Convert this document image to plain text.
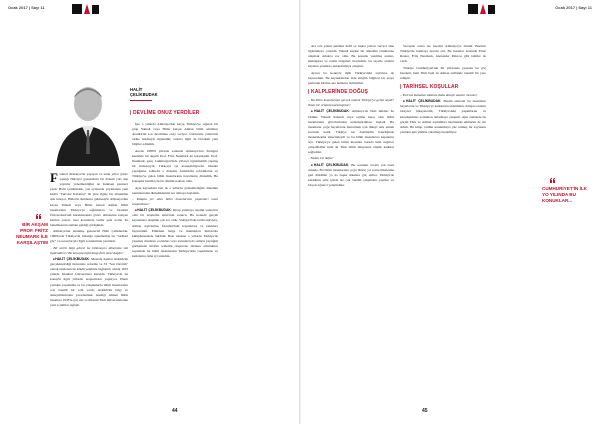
Ocak 2017 | Sayı 11
HALİT
ÇELİKBUDAK

Federal Almanya'da yaşayan ve uzun yıllar görev yaptığı Hürriyet gazetesinin bir dönem yurt dışı yayınlar yönetmenliğini de üstlenen gazeteci yazar Halit Çelikbudak, yaz aylarında yayınlanan yeni kitabı "Yurt'suz Kalanlar" ile yine ilginç bir dönemine ışık tutuyor. Hitler'in iktidarını gelmesiyle Almanya'dan kaçan Yahudi veya Hitler karşıtı Alman bilim insanlarının Türkiye'ye sığınmaları ve İstanbul Üniversitesi'nin kurulmasında görev almalarını işleyen kitabın yazarı, bazı konularda tarihe yeni notlar ile bakılmasının zamanı geldiği görüşünde.

Almanya'nın tanınmış gazetecisi Halit Çelikbudak, 1980'lerde Türkiye'de bakılığa işlenmemiş bu "tarihsel göç" ve sonuçlarıyla ilgili sorularımızı yanıtladı.

– Bir tarihi bilgi görevi bu bilinmeyen dönemine sizi ilgilendiren? Bu konuyla ilgili kitap fikri nasıl doğdu?

■ HALİT ÇELİKBUDAK: Mustafa Kemal Atatürk'ün gerçekleştirdiği üniversite reformu ve 33 "Son Devrim" olarak nitelenen bu köklü yenilikle bağlantılı olarak 1933 yılında İstanbul Üniversitesi kuruldu. Türkiye'de bu konuyla ilgili yıllardır araştırmalar yapılıyor. Planlı yeniden yapılanma ve bu çalışmalarda bilim insanlarının çok önemli bir rolü vardı; Atatürk'ün bilgi ve deneyimlerinden yararlanmak istediği Alman bilim insanları 1933'te göç etti ve ülkenin Türk üniversitelerine yeni açılımlar sağladı.

| DEVLİME ONUZ YERDİLER

İşte o yıllarda Almanya'dan kaçıp Türkiye'ye sığınan bir grup Yahudi veya Hitler karşıtı Alman bilim adamları Atatürk'ün son devrimine onay veriyor. Üniversite yıllarında tarihe bakmayla ilgilendik; onlarla ilgili de birtakım yeni bilgiler edindim.

Ancak 1980'li yıllarda sonunda Almanya'dan Stuttgart kentinde bir akşam Prof. Fritz Neumark ile karşılaştım. Prof. Neumark, genç Cumhuriyet'inde yıllarca öğretmenlik yapmış bir iktisatçıydı; Türkçeyi iyi konuşabiliyordu. Onunla yaptığımız sohbette o dönemi, Atatürk'ün reformlarını ve Türkiye'ye gelen bilim insanlarının hayatlarını dinledim. Bu konuşma benim için bir dönüm noktası oldu.

Aynı kaynaktan ben de o yıllarda gözlemlediğim dönemin tanıklarından dinlediklerimi not almaya başladım.

– Kitapta yer alan bilim insanlarının yaşamları nasıl araştırdınız?

■ HALİT ÇELİKBUDAK: Kitap yazmaya önemli sonuçları olan bir araştırma sürecinin sonucu. Bu konuda gerçek kaynaklara ulaşmak çok zor oldu. Stuttgart'taki tarihi arşivlere, Alman arşivlerine, İstanbul'daki kaynaklara ve tanıklara başvurdum. Elimdeki belge ve mektupları üniversite kütüphanesinde buldum. Bazı tanıklar o yıllarda Türkiye'de yaşamış olanların çocukları veya torunlarıydı; onlarla yaptığım görüşmeler kitabın temelini oluşturdu. Onların anlattıkları sayesinde bu bilim insanlarının Türkiye'deki yaşamlarını ve katkılarını daha iyi anladım.

BİR AKŞAM PROF. FRİTZ NEUMARK İLE KARŞILAŞTIM
44
Ocak 2017 | Sayı 11

Ara sıra yazım şekilleri hafif ve başka yolları veriyor ama ilgilenmeye çalıştım. Yahudi kaçkın bir dönemin tanıklarına ulaşmak oldukça zor oldu. Bu konuda yazılmış anıları, mektupları ve resmi belgeleri inceledim; bu sayede onların hayatını yeniden canlandırmaya çalıştım.

Ayrıca bu konuyla ilgili Türkiye'deki arşivlere de başvurdum. Bu kaynaklardan elde ettiğim bilgileri bir araya getirerek kitabın ana hatlarını belirledim.

| KALPLERİNDE DOĞUŞ

– Bu bilim insanlarının gerçek nedeni Türkiye'ye gelişi neydi? Nasıl bir ortamla karşılaştılar?

■ HALİT ÇELİKBUDAK: Almanya'da Nazi iktidarı ile birlikte Yahudi kökenli veya rejime karşı olan bilim insanlarının görevlerinden uzaklaştırılması başladı. Bu insanların çoğu hayatlarını kurtarmak için ülkeyi terk etmek zorunda kaldı. Türkiye ise Atatürk'ün liderliğinde modernleşme sürecindeydi ve bu bilim insanlarına kapılarını açtı. Türkiye'ye gelen bilim insanları burada hem özgürce çalışabildiler hem de Türk bilim dünyasına büyük katkılar sağladılar.

– Neden bir hafta?

■ HALİT ÇELİKBUDAK: Bu sorunun cevabı çok basit aslında. Bu bilim insanlarının çoğu birkaç yıl sonra ülkelerine geri döndüler ya da başka ülkelere göç ettiler. Türkiye'de kaldıkları süre içinde ise çok önemli çalışmalar yaptılar ve birçok öğrenci yetiştirdiler.

Savaştan sonra ise bazıları Almanya'ya döndü. Bazıları Türkiye'de kalmaya devam etti. Bu insanlar arasında Ernst Reuter, Fritz Neumark, Alexander Rüstow gibi isimler de vardı.

Türkiye Cumhuriyeti'nin ilk yıllarında yaşanan bu göç hareketi, hem Türk hem de Alman tarihinde önemli bir yere sahiptir.

| TARİHSEL KOŞULLAR

– Yurt'suz Kalanlar kitabını daha detaylı anlatır mısınız?

■ HALİT ÇELİKBUDAK: Benim amacım bu insanların hayatlarını ve Türkiye'ye katkılarını anlatmaktı. Kitapta onların bireysel hikayelerini, Türkiye'deki yaşamlarını ve karşılaştıkları zorlukları anlatmaya çalıştım. Aynı zamanda bu göçün Türk ve Alman toplumları üzerindeki etkilerini de ele aldım. Bu kitap, tarihin unutulmaya yüz tutmuş bir sayfasını yeniden gün yüzüne çıkarmayı hedefliyor.

CUMHURİYET'İN İLK YO YILINDA BU KONUKLAR...
45
